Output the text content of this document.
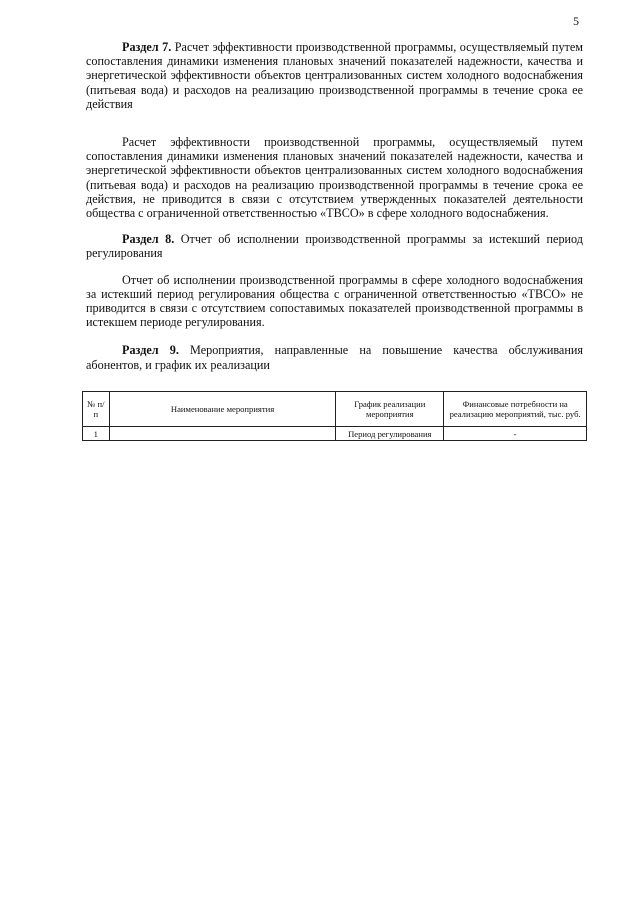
5

Раздел 7. Расчет эффективности производственной программы, осуществляемый путем сопоставления динамики изменения плановых значений показателей надежности, качества и энергетической эффективности объектов централизованных систем холодного водоснабжения (питьевая вода) и расходов на реализацию производственной программы в течение срока ее действия

Расчет эффективности производственной программы, осуществляемый путем сопоставления динамики изменения плановых значений показателей надежности, качества и энергетической эффективности объектов централизованных систем холодного водоснабжения (питьевая вода) и расходов на реализацию производственной программы в течение срока ее действия, не приводится в связи с отсутствием утвержденных показателей деятельности общества с ограниченной ответственностью «ТВСО» в сфере холодного водоснабжения.

Раздел 8. Отчет об исполнении производственной программы за истекший период регулирования

Отчет об исполнении производственной программы в сфере холодного водоснабжения за истекший период регулирования общества с ограниченной ответственностью «ТВСО» не приводится в связи с отсутствием сопоставимых показателей производственной программы в истекшем периоде регулирования.

Раздел 9. Мероприятия, направленные на повышение качества обслуживания абонентов, и график их реализации

№ п/п	Наименование мероприятия	График реализации мероприятия	Финансовые потребности на реализацию мероприятий, тыс. руб.
1		Период регулирования	-
